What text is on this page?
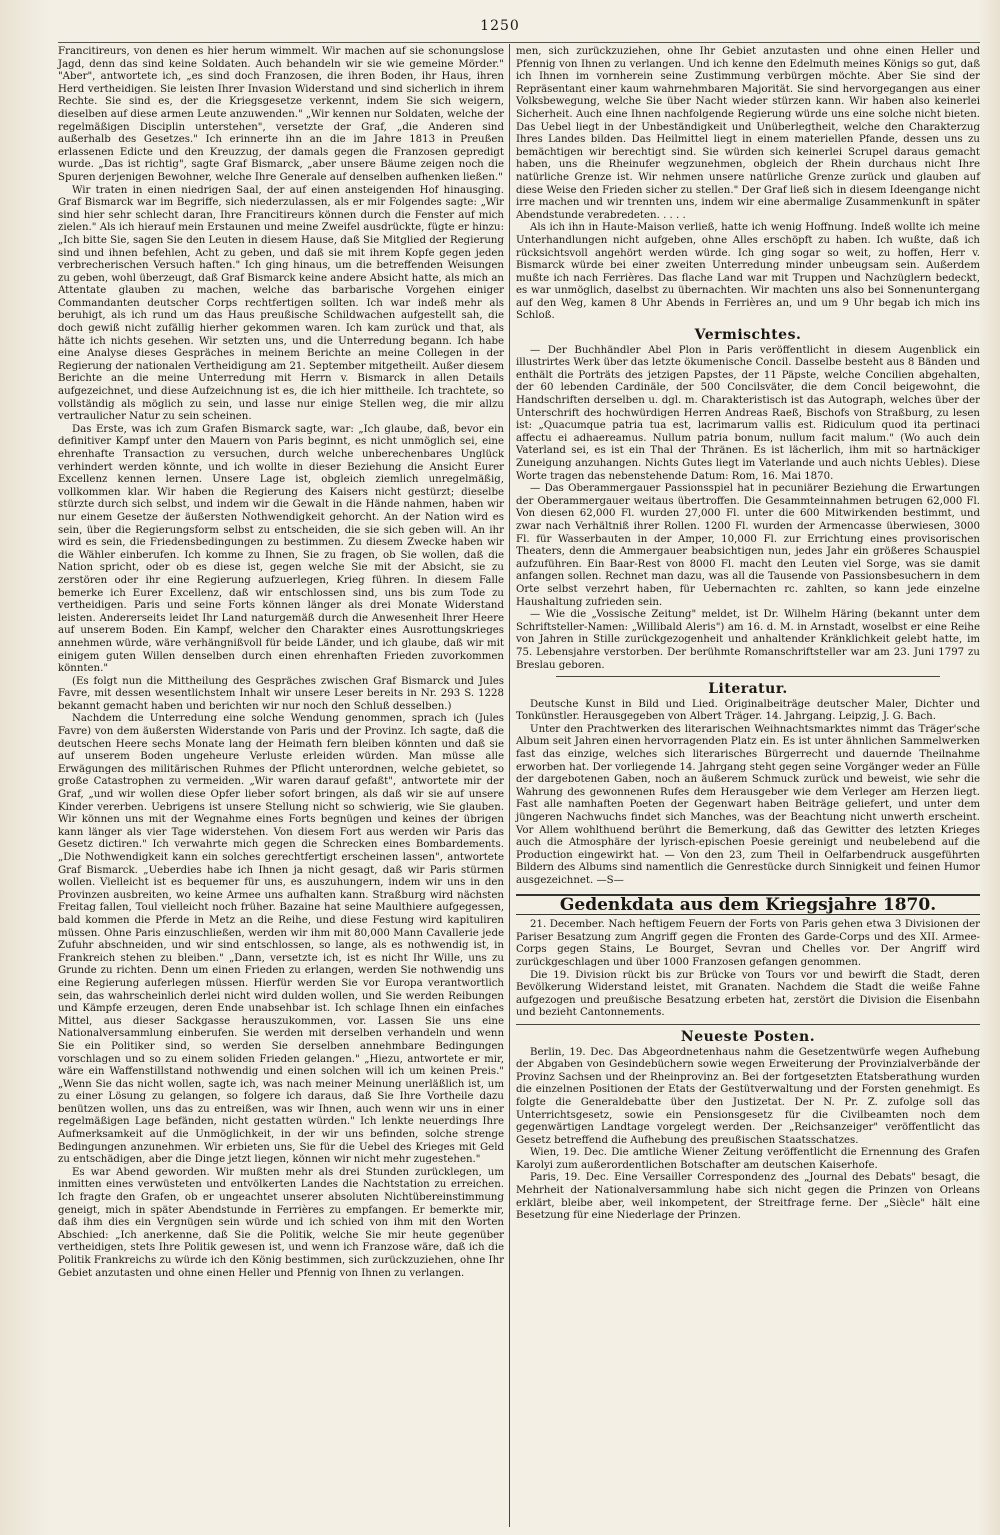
1250

Francitireurs, von denen es hier herum wimmelt. Wir machen auf sie schonungslose Jagd, denn das sind keine Soldaten. Auch behandeln wir sie wie gemeine Mörder." "Aber", antwortete ich, „es sind doch Franzosen, die ihren Boden, ihr Haus, ihren Herd vertheidigen. Sie leisten Ihrer Invasion Widerstand und sind sicherlich in ihrem Rechte. Sie sind es, der die Kriegsgesetze verkennt, indem Sie sich weigern, dieselben auf diese armen Leute anzuwenden." „Wir kennen nur Soldaten, welche der regelmäßigen Disciplin unterstehen", versetzte der Graf, „die Anderen sind außerhalb des Gesetzes." Ich erinnerte ihn an die im Jahre 1813 in Preußen erlassenen Edicte und den Kreuzzug, der damals gegen die Franzosen gepredigt wurde. „Das ist richtig", sagte Graf Bismarck, „aber unsere Bäume zeigen noch die Spuren derjenigen Bewohner, welche Ihre Generale auf denselben aufhenken ließen."

Wir traten in einen niedrigen Saal, der auf einen ansteigenden Hof hinausging. Graf Bismarck war im Begriffe, sich niederzulassen, als er mir Folgendes sagte: „Wir sind hier sehr schlecht daran, Ihre Francitireurs können durch die Fenster auf mich zielen." Als ich hierauf mein Erstaunen und meine Zweifel ausdrückte, fügte er hinzu: „Ich bitte Sie, sagen Sie den Leuten in diesem Hause, daß Sie Mitglied der Regierung sind und ihnen befehlen, Acht zu geben, und daß sie mit ihrem Kopfe gegen jeden verbrecherischen Versuch haften." Ich ging hinaus, um die betreffenden Weisungen zu geben, wohl überzeugt, daß Graf Bismarck keine andere Absicht hatte, als mich an Attentate glauben zu machen, welche das barbarische Vorgehen einiger Commandanten deutscher Corps rechtfertigen sollten. Ich war indeß mehr als beruhigt, als ich rund um das Haus preußische Schildwachen aufgestellt sah, die doch gewiß nicht zufällig hierher gekommen waren. Ich kam zurück und that, als hätte ich nichts gesehen. Wir setzten uns, und die Unterredung begann. Ich habe eine Analyse dieses Gespräches in meinem Berichte an meine Collegen in der Regierung der nationalen Vertheidigung am 21. September mitgetheilt. Außer diesem Berichte an die meine Unterredung mit Herrn v. Bismarck in allen Details aufgezeichnet, und diese Aufzeichnung ist es, die ich hier mittheile. Ich trachtete, so vollständig als möglich zu sein, und lasse nur einige Stellen weg, die mir allzu vertraulicher Natur zu sein scheinen.

Das Erste, was ich zum Grafen Bismarck sagte, war: „Ich glaube, daß, bevor ein definitiver Kampf unter den Mauern von Paris beginnt, es nicht unmöglich sei, eine ehrenhafte Transaction zu versuchen, durch welche unberechenbares Unglück verhindert werden könnte, und ich wollte in dieser Beziehung die Ansicht Eurer Excellenz kennen lernen. Unsere Lage ist, obgleich ziemlich unregelmäßig, vollkommen klar. Wir haben die Regierung des Kaisers nicht gestürzt; dieselbe stürzte durch sich selbst, und indem wir die Gewalt in die Hände nahmen, haben wir nur einem Gesetze der äußersten Nothwendigkeit gehorcht. An der Nation wird es sein, über die Regierungsform selbst zu entscheiden, die sie sich geben will. An ihr wird es sein, die Friedensbedingungen zu bestimmen. Zu diesem Zwecke haben wir die Wähler einberufen. Ich komme zu Ihnen, Sie zu fragen, ob Sie wollen, daß die Nation spricht, oder ob es diese ist, gegen welche Sie mit der Absicht, sie zu zerstören oder ihr eine Regierung aufzuerlegen, Krieg führen. In diesem Falle bemerke ich Eurer Excellenz, daß wir entschlossen sind, uns bis zum Tode zu vertheidigen. Paris und seine Forts können länger als drei Monate Widerstand leisten. Andererseits leidet Ihr Land naturgemäß durch die Anwesenheit Ihrer Heere auf unserem Boden. Ein Kampf, welcher den Charakter eines Ausrottungskrieges annehmen würde, wäre verhängnißvoll für beide Länder, und ich glaube, daß wir mit einigem guten Willen denselben durch einen ehrenhaften Frieden zuvorkommen könnten."

(Es folgt nun die Mittheilung des Gespräches zwischen Graf Bismarck und Jules Favre, mit dessen wesentlichstem Inhalt wir unsere Leser bereits in Nr. 293 S. 1228 bekannt gemacht haben und berichten wir nur noch den Schluß desselben.)

Nachdem die Unterredung eine solche Wendung genommen, sprach ich (Jules Favre) von dem äußersten Widerstande von Paris und der Provinz. Ich sagte, daß die deutschen Heere sechs Monate lang der Heimath fern bleiben könnten und daß sie auf unserem Boden ungeheure Verluste erleiden würden. Man müsse alle Erwägungen des militärischen Ruhmes der Pflicht unterordnen, welche gebietet, so große Catastrophen zu vermeiden. „Wir waren darauf gefaßt", antwortete mir der Graf, „und wir wollen diese Opfer lieber sofort bringen, als daß wir sie auf unsere Kinder vererben. Uebrigens ist unsere Stellung nicht so schwierig, wie Sie glauben. Wir können uns mit der Wegnahme eines Forts begnügen und keines der übrigen kann länger als vier Tage widerstehen. Von diesem Fort aus werden wir Paris das Gesetz dictiren." Ich verwahrte mich gegen die Schrecken eines Bombardements. „Die Nothwendigkeit kann ein solches gerechtfertigt erscheinen lassen", antwortete Graf Bismarck. „Ueberdies habe ich Ihnen ja nicht gesagt, daß wir Paris stürmen wollen. Vielleicht ist es bequemer für uns, es auszuhungern, indem wir uns in den Provinzen ausbreiten, wo keine Armee uns aufhalten kann. Straßburg wird nächsten Freitag fallen, Toul vielleicht noch früher. Bazaine hat seine Maulthiere aufgegessen, bald kommen die Pferde in Metz an die Reihe, und diese Festung wird kapituliren müssen. Ohne Paris einzuschließen, werden wir ihm mit 80,000 Mann Cavallerie jede Zufuhr abschneiden, und wir sind entschlossen, so lange, als es nothwendig ist, in Frankreich stehen zu bleiben." „Dann, versetzte ich, ist es nicht Ihr Wille, uns zu Grunde zu richten. Denn um einen Frieden zu erlangen, werden Sie nothwendig uns eine Regierung auferlegen müssen. Hierfür werden Sie vor Europa verantwortlich sein, das wahrscheinlich derlei nicht wird dulden wollen, und Sie werden Reibungen und Kämpfe erzeugen, deren Ende unabsehbar ist. Ich schlage Ihnen ein einfaches Mittel, aus dieser Sackgasse herauszukommen, vor. Lassen Sie uns eine Nationalversammlung einberufen. Sie werden mit derselben verhandeln und wenn Sie ein Politiker sind, so werden Sie derselben annehmbare Bedingungen vorschlagen und so zu einem soliden Frieden gelangen." „Hiezu, antwortete er mir, wäre ein Waffenstillstand nothwendig und einen solchen will ich um keinen Preis." „Wenn Sie das nicht wollen, sagte ich, was nach meiner Meinung unerläßlich ist, um zu einer Lösung zu gelangen, so folgere ich daraus, daß Sie Ihre Vortheile dazu benützen wollen, uns das zu entreißen, was wir Ihnen, auch wenn wir uns in einer regelmäßigen Lage befänden, nicht gestatten würden." Ich lenkte neuerdings Ihre Aufmerksamkeit auf die Unmöglichkeit, in der wir uns befinden, solche strenge Bedingungen anzunehmen. Wir erbieten uns, Sie für die Uebel des Krieges mit Geld zu entschädigen, aber die Dinge jetzt liegen, können wir nicht mehr zugestehen."

Es war Abend geworden. Wir mußten mehr als drei Stunden zurücklegen, um inmitten eines verwüsteten und entvölkerten Landes die Nachtstation zu erreichen. Ich fragte den Grafen, ob er ungeachtet unserer absoluten Nichtübereinstimmung geneigt, mich in später Abendstunde in Ferrières zu empfangen. Er bemerkte mir, daß ihm dies ein Vergnügen sein würde und ich schied von ihm mit den Worten Abschied: „Ich anerkenne, daß Sie die Politik, welche Sie mir heute gegenüber vertheidigen, stets Ihre Politik gewesen ist, und wenn ich Franzose wäre, daß ich die Politik Frankreichs zu würde ich den König bestimmen, sich zurückzuziehen, ohne Ihr Gebiet anzutasten und ohne einen Heller und Pfennig von Ihnen zu verlangen.

men, sich zurückzuziehen, ohne Ihr Gebiet anzutasten und ohne einen Heller und Pfennig von Ihnen zu verlangen. Und ich kenne den Edelmuth meines Königs so gut, daß ich Ihnen im vornherein seine Zustimmung verbürgen möchte. Aber Sie sind der Repräsentant einer kaum wahrnehmbaren Majorität. Sie sind hervorgegangen aus einer Volksbewegung, welche Sie über Nacht wieder stürzen kann. Wir haben also keinerlei Sicherheit. Auch eine Ihnen nachfolgende Regierung würde uns eine solche nicht bieten. Das Uebel liegt in der Unbeständigkeit und Unüberlegtheit, welche den Charakterzug Ihres Landes bilden. Das Heilmittel liegt in einem materiellen Pfande, dessen uns zu bemächtigen wir berechtigt sind. Sie würden sich keinerlei Scrupel daraus gemacht haben, uns die Rheinufer wegzunehmen, obgleich der Rhein durchaus nicht Ihre natürliche Grenze ist. Wir nehmen unsere natürliche Grenze zurück und glauben auf diese Weise den Frieden sicher zu stellen." Der Graf ließ sich in diesem Ideengange nicht irre machen und wir trennten uns, indem wir eine abermalige Zusammenkunft in später Abendstunde verabredeten. . . . .

Als ich ihn in Haute-Maison verließ, hatte ich wenig Hoffnung. Indeß wollte ich meine Unterhandlungen nicht aufgeben, ohne Alles erschöpft zu haben. Ich wußte, daß ich rücksichtsvoll angehört werden würde. Ich ging sogar so weit, zu hoffen, Herr v. Bismarck würde bei einer zweiten Unterredung minder unbeugsam sein. Außerdem mußte ich nach Ferrières. Das flache Land war mit Truppen und Nachzüglern bedeckt, es war unmöglich, daselbst zu übernachten. Wir machten uns also bei Sonnenuntergang auf den Weg, kamen 8 Uhr Abends in Ferrières an, und um 9 Uhr begab ich mich ins Schloß.

Vermischtes.

— Der Buchhändler Abel Plon in Paris veröffentlicht in diesem Augenblick ein illustrirtes Werk über das letzte ökumenische Concil. Dasselbe besteht aus 8 Bänden und enthält die Porträts des jetzigen Papstes, der 11 Päpste, welche Concilien abgehalten, der 60 lebenden Cardinäle, der 500 Concilsväter, die dem Concil beigewohnt, die Handschriften derselben u. dgl. m. Charakteristisch ist das Autograph, welches über der Unterschrift des hochwürdigen Herren Andreas Raeß, Bischofs von Straßburg, zu lesen ist: „Quacumque patria tua est, lacrimarum vallis est. Ridiculum quod ita pertinaci affectu ei adhaereamus. Nullum patria bonum, nullum facit malum." (Wo auch dein Vaterland sei, es ist ein Thal der Thränen. Es ist lächerlich, ihm mit so hartnäckiger Zuneigung anzuhangen. Nichts Gutes liegt im Vaterlande und auch nichts Uebles). Diese Worte tragen das nebenstehende Datum: Rom, 16. Mai 1870.

— Das Oberammergauer Passionsspiel hat in pecuniärer Beziehung die Erwartungen der Oberammergauer weitaus übertroffen. Die Gesammteinnahmen betrugen 62,000 Fl. Von diesen 62,000 Fl. wurden 27,000 Fl. unter die 600 Mitwirkenden bestimmt, und zwar nach Verhältniß ihrer Rollen. 1200 Fl. wurden der Armencasse überwiesen, 3000 Fl. für Wasserbauten in der Amper, 10,000 Fl. zur Errichtung eines provisorischen Theaters, denn die Ammergauer beabsichtigen nun, jedes Jahr ein größeres Schauspiel aufzuführen. Ein Baar-Rest von 8000 Fl. macht den Leuten viel Sorge, was sie damit anfangen sollen. Rechnet man dazu, was all die Tausende von Passionsbesuchern in dem Orte selbst verzehrt haben, für Uebernachten rc. zahlten, so kann jede einzelne Haushaltung zufrieden sein.

— Wie die „Vossische Zeitung" meldet, ist Dr. Wilhelm Häring (bekannt unter dem Schriftsteller-Namen: „Willibald Aleris") am 16. d. M. in Arnstadt, woselbst er eine Reihe von Jahren in Stille zurückgezogenheit und anhaltender Kränklichkeit gelebt hatte, im 75. Lebensjahre verstorben. Der berühmte Romanschriftsteller war am 23. Juni 1797 zu Breslau geboren.

Literatur.

Deutsche Kunst in Bild und Lied. Originalbeiträge deutscher Maler, Dichter und Tonkünstler. Herausgegeben von Albert Träger. 14. Jahrgang. Leipzig, J. G. Bach.

Unter den Prachtwerken des literarischen Weihnachtsmarktes nimmt das Träger'sche Album seit Jahren einen hervorragenden Platz ein. Es ist unter ähnlichen Sammelwerken fast das einzige, welches sich literarisches Bürgerrecht und dauernde Theilnahme erworben hat. Der vorliegende 14. Jahrgang steht gegen seine Vorgänger weder an Fülle der dargebotenen Gaben, noch an äußerem Schmuck zurück und beweist, wie sehr die Wahrung des gewonnenen Rufes dem Herausgeber wie dem Verleger am Herzen liegt. Fast alle namhaften Poeten der Gegenwart haben Beiträge geliefert, und unter dem jüngeren Nachwuchs findet sich Manches, was der Beachtung nicht unwerth erscheint. Vor Allem wohlthuend berührt die Bemerkung, daß das Gewitter des letzten Krieges auch die Atmosphäre der lyrisch-epischen Poesie gereinigt und neubelebend auf die Production eingewirkt hat. — Von den 23, zum Theil in Oelfarbendruck ausgeführten Bildern des Albums sind namentlich die Genrestücke durch Sinnigkeit und feinen Humor ausgezeichnet. —S—

Gedenkdata aus dem Kriegsjahre 1870.

21. December. Nach heftigem Feuern der Forts von Paris gehen etwa 3 Divisionen der Pariser Besatzung zum Angriff gegen die Fronten des Garde-Corps und des XII. Armee-Corps gegen Stains, Le Bourget, Sevran und Chelles vor. Der Angriff wird zurückgeschlagen und über 1000 Franzosen gefangen genommen.

Die 19. Division rückt bis zur Brücke von Tours vor und bewirft die Stadt, deren Bevölkerung Widerstand leistet, mit Granaten. Nachdem die Stadt die weiße Fahne aufgezogen und preußische Besatzung erbeten hat, zerstört die Division die Eisenbahn und bezieht Cantonnements.

Neueste Posten.

Berlin, 19. Dec. Das Abgeordnetenhaus nahm die Gesetzentwürfe wegen Aufhebung der Abgaben von Gesindebüchern sowie wegen Erweiterung der Provinzialverbände der Provinz Sachsen und der Rheinprovinz an. Bei der fortgesetzten Etatsberathung wurden die einzelnen Positionen der Etats der Gestütverwaltung und der Forsten genehmigt. Es folgte die Generaldebatte über den Justizetat. Der N. Pr. Z. zufolge soll das Unterrichtsgesetz, sowie ein Pensionsgesetz für die Civilbeamten noch dem gegenwärtigen Landtage vorgelegt werden. Der „Reichsanzeiger" veröffentlicht das Gesetz betreffend die Aufhebung des preußischen Staatsschatzes.

Wien, 19. Dec. Die amtliche Wiener Zeitung veröffentlicht die Ernennung des Grafen Karolyi zum außerordentlichen Botschafter am deutschen Kaiserhofe.

Paris, 19. Dec. Eine Versailler Correspondenz des „Journal des Debats" besagt, die Mehrheit der Nationalversammlung habe sich nicht gegen die Prinzen von Orleans erklärt, bleibe aber, weil inkompetent, der Streitfrage ferne. Der „Siècle" hält eine Besetzung für eine Niederlage der Prinzen.
